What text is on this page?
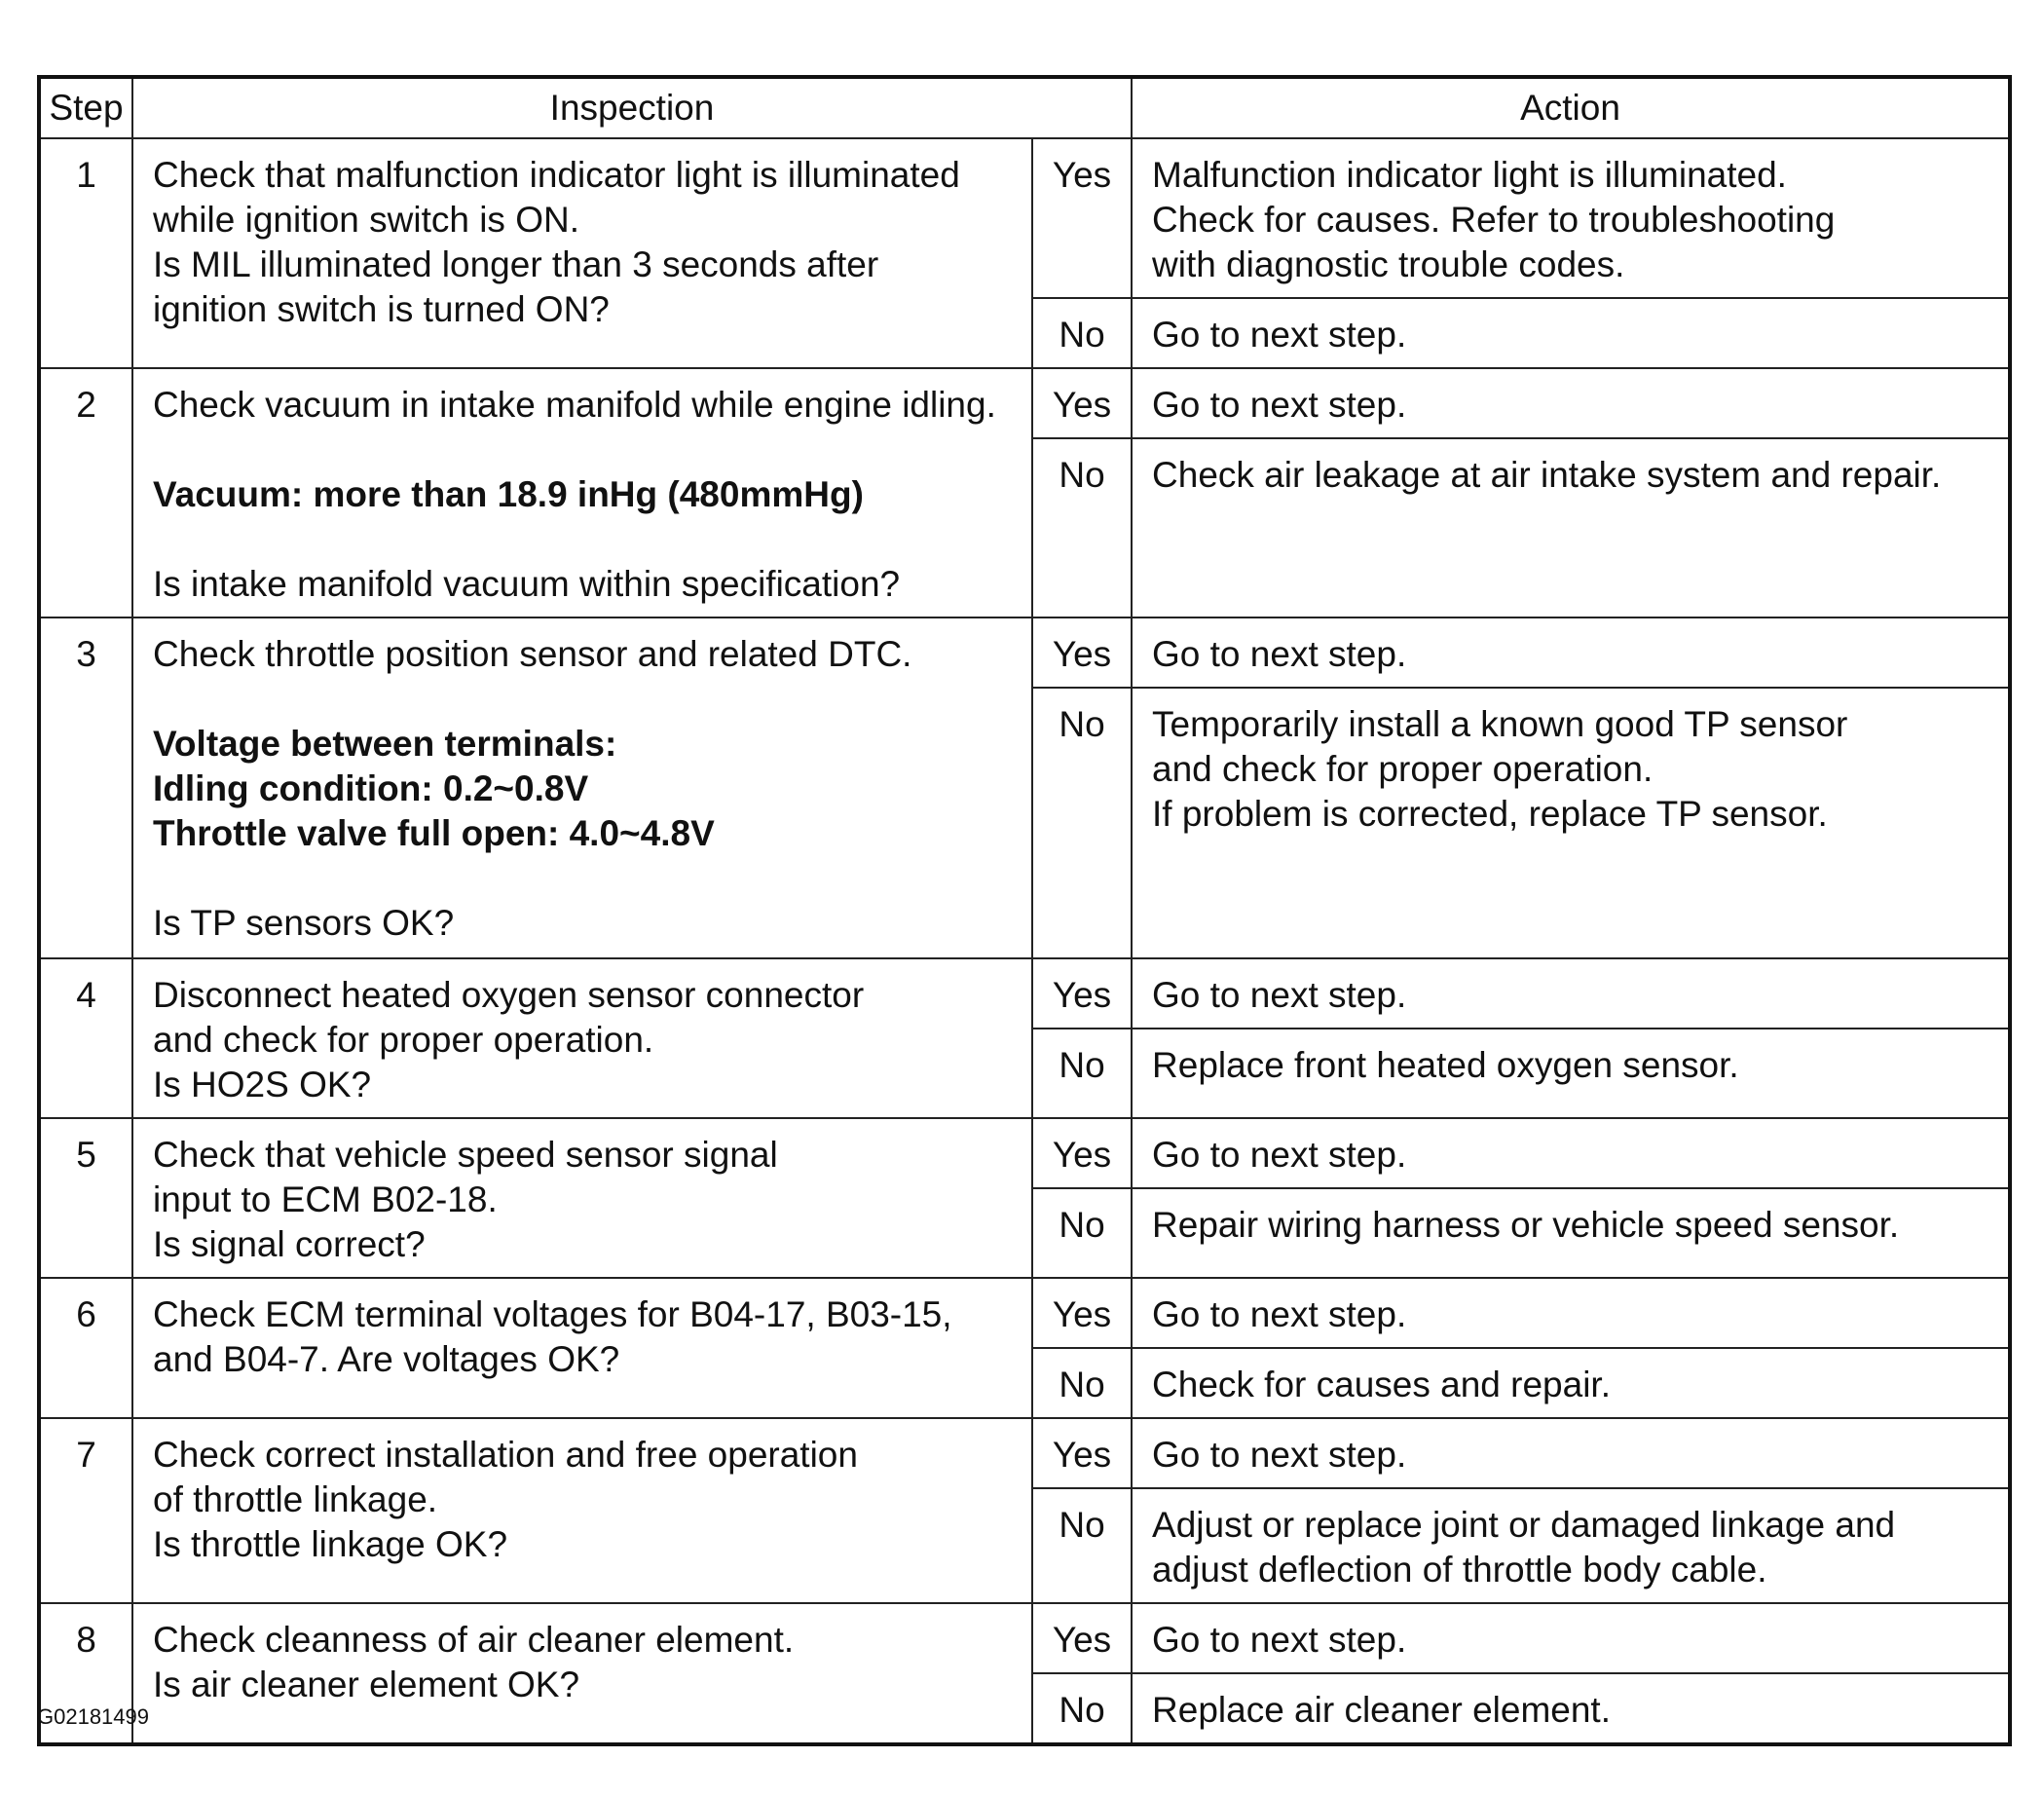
Step	Inspection		Action
1	Check that malfunction indicator light is illuminated
while ignition switch is ON.
Is MIL illuminated longer than 3 seconds after
ignition switch is turned ON?	Yes	Malfunction indicator light is illuminated.
Check for causes. Refer to troubleshooting
with diagnostic trouble codes.

		No	Go to next step.

2	Check vacuum in intake manifold while engine idling.
Vacuum: more than 18.9 inHg (480mmHg)
Is intake manifold vacuum within specification?	Yes	Go to next step.
		No	Check air leakage at air intake system and repair.
3	Check throttle position sensor and related DTC.
Voltage between terminals:
Idling condition: 0.2~0.8V
Throttle valve full open: 4.0~4.8V
Is TP sensors OK?	Yes	Go to next step.
		No	Temporarily install a known good TP sensor
and check for proper operation.
If problem is corrected, replace TP sensor.

4	Disconnect heated oxygen sensor connector
and check for proper operation.
Is HO2S OK?	Yes	Go to next step.
		No	Replace front heated oxygen sensor.
5	Check that vehicle speed sensor signal
input to ECM B02-18.
Is signal correct?	Yes	Go to next step.
		No	Repair wiring harness or vehicle speed sensor.
6	Check ECM terminal voltages for B04-17, B03-15,
and B04-7. Are voltages OK?	Yes	Go to next step.
		No	Check for causes and repair.
7	Check correct installation and free operation
of throttle linkage.
Is throttle linkage OK?	Yes	Go to next step.
		No	Adjust or replace joint or damaged linkage and
adjust deflection of throttle body cable.

8	Check cleanness of air cleaner element.
Is air cleaner element OK?	Yes	Go to next step.
		No	Replace air cleaner element.
G02181499
